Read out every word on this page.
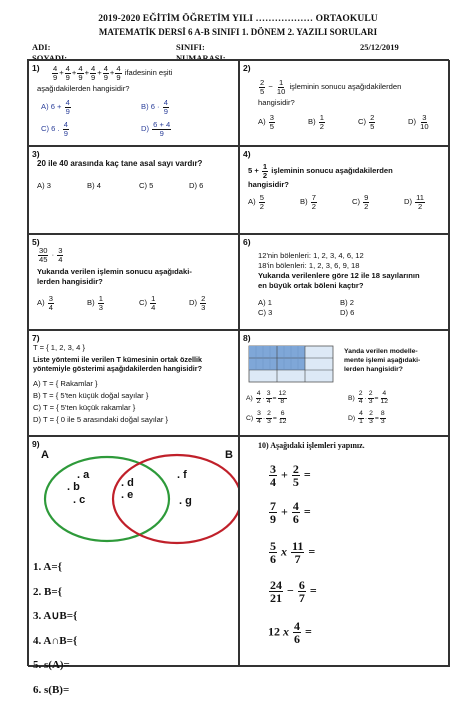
2019-2020 EĞİTİM ÖĞRETİM YILI ……………… ORTAOKULU
MATEMATİK DERSİ 6 A-B SINIFI 1. DÖNEM 2. YAZILI SORULARI
ADI:
SOYADI:
SINIFI:
NUMARASI:
25/12/2019
$1) \frac{4}{9} + \frac{4}{9} + \frac{4}{9} + \frac{4}{9} + \frac{4}{9} + \frac{4}{9}$ ifadesinin eşiti
aşağıdakilerden hangisidir?
A) $6 + \frac{4}{9}$	B) $6 \cdot \frac{4}{9}$
C) 6 . $\frac{4}{9}$	$D) \frac{6 + 4}{9}$
2)
$\frac{2}{5} - \frac{1}{10}$ işleminin sonucu aşağıdakilerden
hangisidir?
$A) \frac{3}{5}$	$B) \frac{1}{2}$	$C) \frac{2}{5}$	$D) \frac{3}{10}$
3)
20 ile 40 arasında kaç tane asal sayı vardır?
A) 3	B) 4	C) 5	D) 6
4)
$5 + \frac{1}{2}$ işleminin sonucu aşağıdakilerden
hangisidir?
$A) \frac{5}{2}$	$B) \frac{7}{2}$	$C) \frac{9}{2}$	$D) \frac{11}{2}$
5)
$\frac{30}{45} \cdot \frac{3}{4}$
Yukarıda verilen işlemin sonucu aşağıdaki-
lerden hangisidir?
$A) \frac{3}{4}$	$B) \frac{1}{3}$	$C) \frac{1}{4}$	$D) \frac{2}{3}$
6)
12'nin bölenleri: 1, 2, 3, 4, 6, 12
18'in bölenleri: 1, 2, 3, 6, 9, 18
Yukarıda verilenlere göre 12 ile 18 sayılarının
en büyük ortak böleni kaçtır?
A) 1	B) 2
C) 3	D) 6
7)
T = { 1, 2, 3, 4 }
Liste yöntemi ile verilen T kümesinin ortak özellik
yöntemiyle gösterimi aşağıdakilerden hangisidir?
A) T = { Rakamlar }
B) T = { 5'ten küçük doğal sayılar }
C) T = { 5'ten küçük rakamlar }
D) T = { 0 ile 5 arasındaki doğal sayılar }
8)
Yanda verilen modelle-
mente işlemi aşağıdaki-
lerden hangisidir?
$A) \frac{4}{2} \cdot \frac{3}{4} = \frac{12}{8}$	$B) \frac{2}{4} \cdot \frac{2}{3} = \frac{4}{12}$
$C) \frac{3}{4} \cdot \frac{2}{3} = \frac{6}{12}$	$D) \frac{4}{1} \cdot \frac{2}{3} = \frac{8}{3}$
9)
A	B
. a
. b
. c
. d
. e
. f
. g
1. A={
2. B={
3. A∪B={
4. A∩B={
5. s(A)=
6. s(B)=
10) Aşağıdaki işlemleri yapınız.
$\frac{3}{4} + \frac{2}{5}$ =
$\frac{7}{9} + \frac{4}{6}$ =
$\frac{5}{6}$ x $\frac{11}{7}$ =
$\frac{24}{21} - \frac{6}{7}$ =
12 x $\frac{4}{6}$ =
